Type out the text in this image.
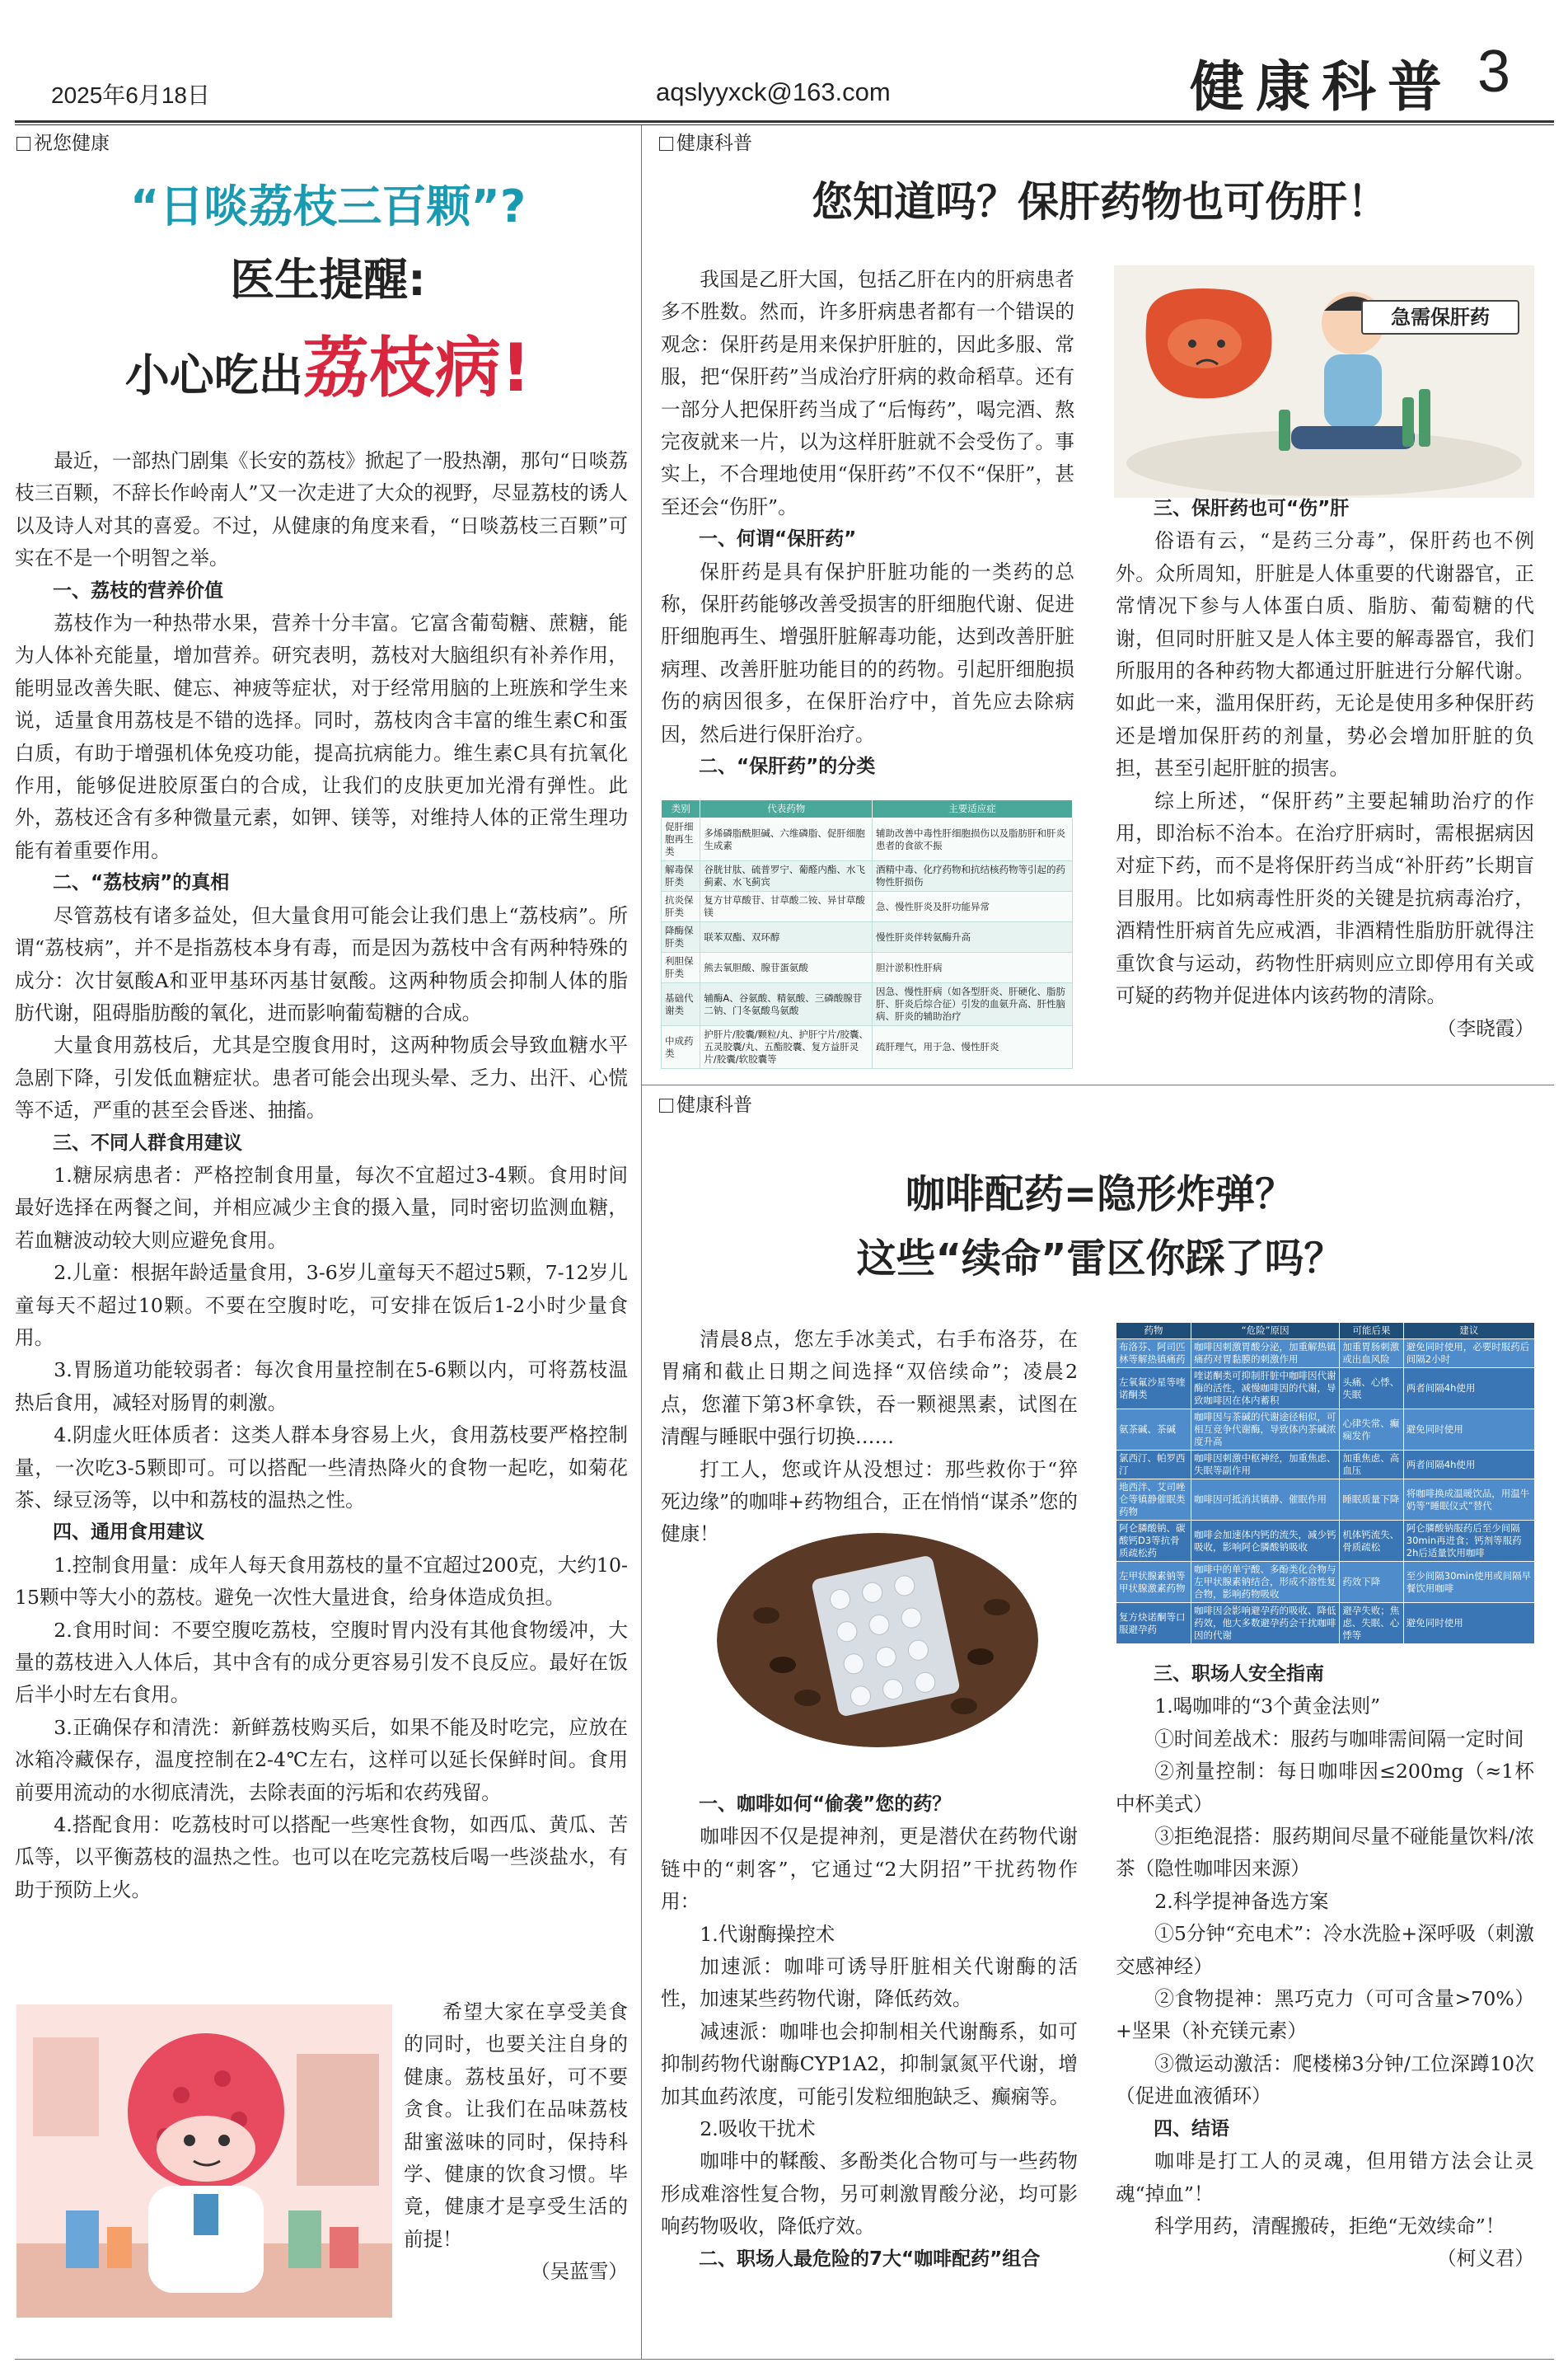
2025年6月18日	aqslyyxck@163.com	健康科普 3
祝您健康
“日啖荔枝三百颗”?
医生提醒:
小心吃出荔枝病!

最近，一部热门剧集《长安的荔枝》掀起了一股热潮，那句“日啖荔枝三百颗，不辞长作岭南人”又一次走进了大众的视野，尽显荔枝的诱人以及诗人对其的喜爱。不过，从健康的角度来看，“日啖荔枝三百颗”可实在不是一个明智之举。

一、荔枝的营养价值

荔枝作为一种热带水果，营养十分丰富。它富含葡萄糖、蔗糖，能为人体补充能量，增加营养。研究表明，荔枝对大脑组织有补养作用，能明显改善失眠、健忘、神疲等症状，对于经常用脑的上班族和学生来说，适量食用荔枝是不错的选择。同时，荔枝肉含丰富的维生素C和蛋白质，有助于增强机体免疫功能，提高抗病能力。维生素C具有抗氧化作用，能够促进胶原蛋白的合成，让我们的皮肤更加光滑有弹性。此外，荔枝还含有多种微量元素，如钾、镁等，对维持人体的正常生理功能有着重要作用。

二、“荔枝病”的真相

尽管荔枝有诸多益处，但大量食用可能会让我们患上“荔枝病”。所谓“荔枝病”，并不是指荔枝本身有毒，而是因为荔枝中含有两种特殊的成分：次甘氨酸A和亚甲基环丙基甘氨酸。这两种物质会抑制人体的脂肪代谢，阻碍脂肪酸的氧化，进而影响葡萄糖的合成。

大量食用荔枝后，尤其是空腹食用时，这两种物质会导致血糖水平急剧下降，引发低血糖症状。患者可能会出现头晕、乏力、出汗、心慌等不适，严重的甚至会昏迷、抽搐。

三、不同人群食用建议

1.糖尿病患者：严格控制食用量，每次不宜超过3-4颗。食用时间最好选择在两餐之间，并相应减少主食的摄入量，同时密切监测血糖，若血糖波动较大则应避免食用。

2.儿童：根据年龄适量食用，3-6岁儿童每天不超过5颗，7-12岁儿童每天不超过10颗。不要在空腹时吃，可安排在饭后1-2小时少量食用。

3.胃肠道功能较弱者：每次食用量控制在5-6颗以内，可将荔枝温热后食用，减轻对肠胃的刺激。

4.阴虚火旺体质者：这类人群本身容易上火，食用荔枝要严格控制量，一次吃3-5颗即可。可以搭配一些清热降火的食物一起吃，如菊花茶、绿豆汤等，以中和荔枝的温热之性。

四、通用食用建议

1.控制食用量：成年人每天食用荔枝的量不宜超过200克，大约10-15颗中等大小的荔枝。避免一次性大量进食，给身体造成负担。

2.食用时间：不要空腹吃荔枝，空腹时胃内没有其他食物缓冲，大量的荔枝进入人体后，其中含有的成分更容易引发不良反应。最好在饭后半小时左右食用。

3.正确保存和清洗：新鲜荔枝购买后，如果不能及时吃完，应放在冰箱冷藏保存，温度控制在2-4℃左右，这样可以延长保鲜时间。食用前要用流动的水彻底清洗，去除表面的污垢和农药残留。

4.搭配食用：吃荔枝时可以搭配一些寒性食物，如西瓜、黄瓜、苦瓜等，以平衡荔枝的温热之性。也可以在吃完荔枝后喝一些淡盐水，有助于预防上火。

希望大家在享受美食的同时，也要关注自身的健康。荔枝虽好，可不要贪食。让我们在品味荔枝甜蜜滋味的同时，保持科学、健康的饮食习惯。毕竟，健康才是享受生活的前提！

（吴蓝雪）
健康科普
您知道吗？保肝药物也可伤肝！

我国是乙肝大国，包括乙肝在内的肝病患者多不胜数。然而，许多肝病患者都有一个错误的观念：保肝药是用来保护肝脏的，因此多服、常服，把“保肝药”当成治疗肝病的救命稻草。还有一部分人把保肝药当成了“后悔药”，喝完酒、熬完夜就来一片，以为这样肝脏就不会受伤了。事实上，不合理地使用“保肝药”不仅不“保肝”，甚至还会“伤肝”。

一、何谓“保肝药”

保肝药是具有保护肝脏功能的一类药的总称，保肝药能够改善受损害的肝细胞代谢、促进肝细胞再生、增强肝脏解毒功能，达到改善肝脏病理、改善肝脏功能目的的药物。引起肝细胞损伤的病因很多，在保肝治疗中，首先应去除病因，然后进行保肝治疗。

二、“保肝药”的分类
类别	代表药物	主要适应症
促肝细胞再生类	多烯磷脂酰胆碱、六维磷脂、促肝细胞生成素	辅助改善中毒性肝细胞损伤以及脂肪肝和肝炎患者的食欲不振
解毒保肝类	谷胱甘肽、硫普罗宁、葡醛内酯、水飞蓟素、水飞蓟宾	酒精中毒、化疗药物和抗结核药物等引起的药物性肝损伤
抗炎保肝类	复方甘草酸苷、甘草酸二铵、异甘草酸镁	急、慢性肝炎及肝功能异常
降酶保肝类	联苯双酯、双环醇	慢性肝炎伴转氨酶升高
利胆保肝类	熊去氧胆酸、腺苷蛋氨酸	胆汁淤积性肝病
基础代谢类	辅酶A、谷氨酸、精氨酸、三磷酸腺苷二钠、门冬氨酸鸟氨酸	因急、慢性肝病（如各型肝炎、肝硬化、脂肪肝、肝炎后综合征）引发的血氨升高、肝性脑病、肝炎的辅助治疗
中成药类	护肝片/胶囊/颗粒/丸、护肝宁片/胶囊、五灵胶囊/丸、五酯胶囊、复方益肝灵片/胶囊/软胶囊等	疏肝理气，用于急、慢性肝炎
急需保肝药
三、保肝药也可“伤”肝

俗语有云，“是药三分毒”，保肝药也不例外。众所周知，肝脏是人体重要的代谢器官，正常情况下参与人体蛋白质、脂肪、葡萄糖的代谢，但同时肝脏又是人体主要的解毒器官，我们所服用的各种药物大都通过肝脏进行分解代谢。如此一来，滥用保肝药，无论是使用多种保肝药还是增加保肝药的剂量，势必会增加肝脏的负担，甚至引起肝脏的损害。

综上所述，“保肝药”主要起辅助治疗的作用，即治标不治本。在治疗肝病时，需根据病因对症下药，而不是将保肝药当成“补肝药”长期盲目服用。比如病毒性肝炎的关键是抗病毒治疗，酒精性肝病首先应戒酒，非酒精性脂肪肝就得注重饮食与运动，药物性肝病则应立即停用有关或可疑的药物并促进体内该药物的清除。

（李晓霞）
健康科普
咖啡配药=隐形炸弹？
这些“续命”雷区你踩了吗？

清晨8点，您左手冰美式，右手布洛芬，在胃痛和截止日期之间选择“双倍续命”；凌晨2点，您灌下第3杯拿铁，吞一颗褪黑素，试图在清醒与睡眠中强行切换……

打工人，您或许从没想过：那些救你于“猝死边缘”的咖啡+药物组合，正在悄悄“谋杀”您的健康！

一、咖啡如何“偷袭”您的药？

咖啡因不仅是提神剂，更是潜伏在药物代谢链中的“刺客”，它通过“2大阴招”干扰药物作用：

1.代谢酶操控术

加速派：咖啡可诱导肝脏相关代谢酶的活性，加速某些药物代谢，降低药效。

减速派：咖啡也会抑制相关代谢酶系，如可抑制药物代谢酶CYP1A2，抑制氯氮平代谢，增加其血药浓度，可能引发粒细胞缺乏、癫痫等。

2.吸收干扰术

咖啡中的鞣酸、多酚类化合物可与一些药物形成难溶性复合物，另可刺激胃酸分泌，均可影响药物吸收，降低疗效。

二、职场人最危险的7大“咖啡配药”组合
药物	“危险”原因	可能后果	建议
布洛芬、阿司匹林等解热镇痛药	咖啡因刺激胃酸分泌，加重解热镇痛药对胃黏膜的刺激作用	加重胃肠刺激或出血风险	避免同时使用，必要时服药后间隔2小时
左氧氟沙星等喹诺酮类	喹诺酮类可抑制肝脏中咖啡因代谢酶的活性，减慢咖啡因的代谢，导致咖啡因在体内蓄积	头痛、心悸、失眠	两者间隔4h使用
氨茶碱、茶碱	咖啡因与茶碱的代谢途径相似，可相互竞争代谢酶，导致体内茶碱浓度升高	心律失常、癫痫发作	避免同时使用
氯西汀、帕罗西汀	咖啡因刺激中枢神经，加重焦虑、失眠等副作用	加重焦虑、高血压	两者间隔4h使用
地西泮、艾司唑仑等镇静催眠类药物	咖啡因可抵消其镇静、催眠作用	睡眠质量下降	将咖啡换成温暖饮品，用温牛奶等“睡眠仪式”替代
阿仑膦酸钠、碳酸钙D3等抗骨质疏松药	咖啡会加速体内钙的流失，减少钙吸收，影响阿仑膦酸钠吸收	机体钙流失、骨质疏松	阿仑膦酸钠服药后至少间隔30min再进食；钙剂等服药2h后适量饮用咖啡
左甲状腺素钠等甲状腺激素药物	咖啡中的单宁酸、多酚类化合物与左甲状腺素钠结合，形成不溶性复合物，影响药物吸收	药效下降	至少间隔30min使用或间隔早餐饮用咖啡
复方炔诺酮等口服避孕药	咖啡因会影响避孕药的吸收、降低药效，他大多数避孕药会干扰咖啡因的代谢	避孕失败；焦虑、失眠、心悸等	避免同时使用
三、职场人安全指南

1.喝咖啡的“3个黄金法则”

①时间差战术：服药与咖啡需间隔一定时间

②剂量控制：每日咖啡因≤200mg（≈1杯中杯美式）

③拒绝混搭：服药期间尽量不碰能量饮料/浓茶（隐性咖啡因来源）

2.科学提神备选方案

①5分钟“充电术”：冷水洗脸+深呼吸（刺激交感神经）

②食物提神：黑巧克力（可可含量>70%）+坚果（补充镁元素）

③微运动激活：爬楼梯3分钟/工位深蹲10次（促进血液循环）

四、结语

咖啡是打工人的灵魂，但用错方法会让灵魂“掉血”！

科学用药，清醒搬砖，拒绝“无效续命”！

（柯义君）
